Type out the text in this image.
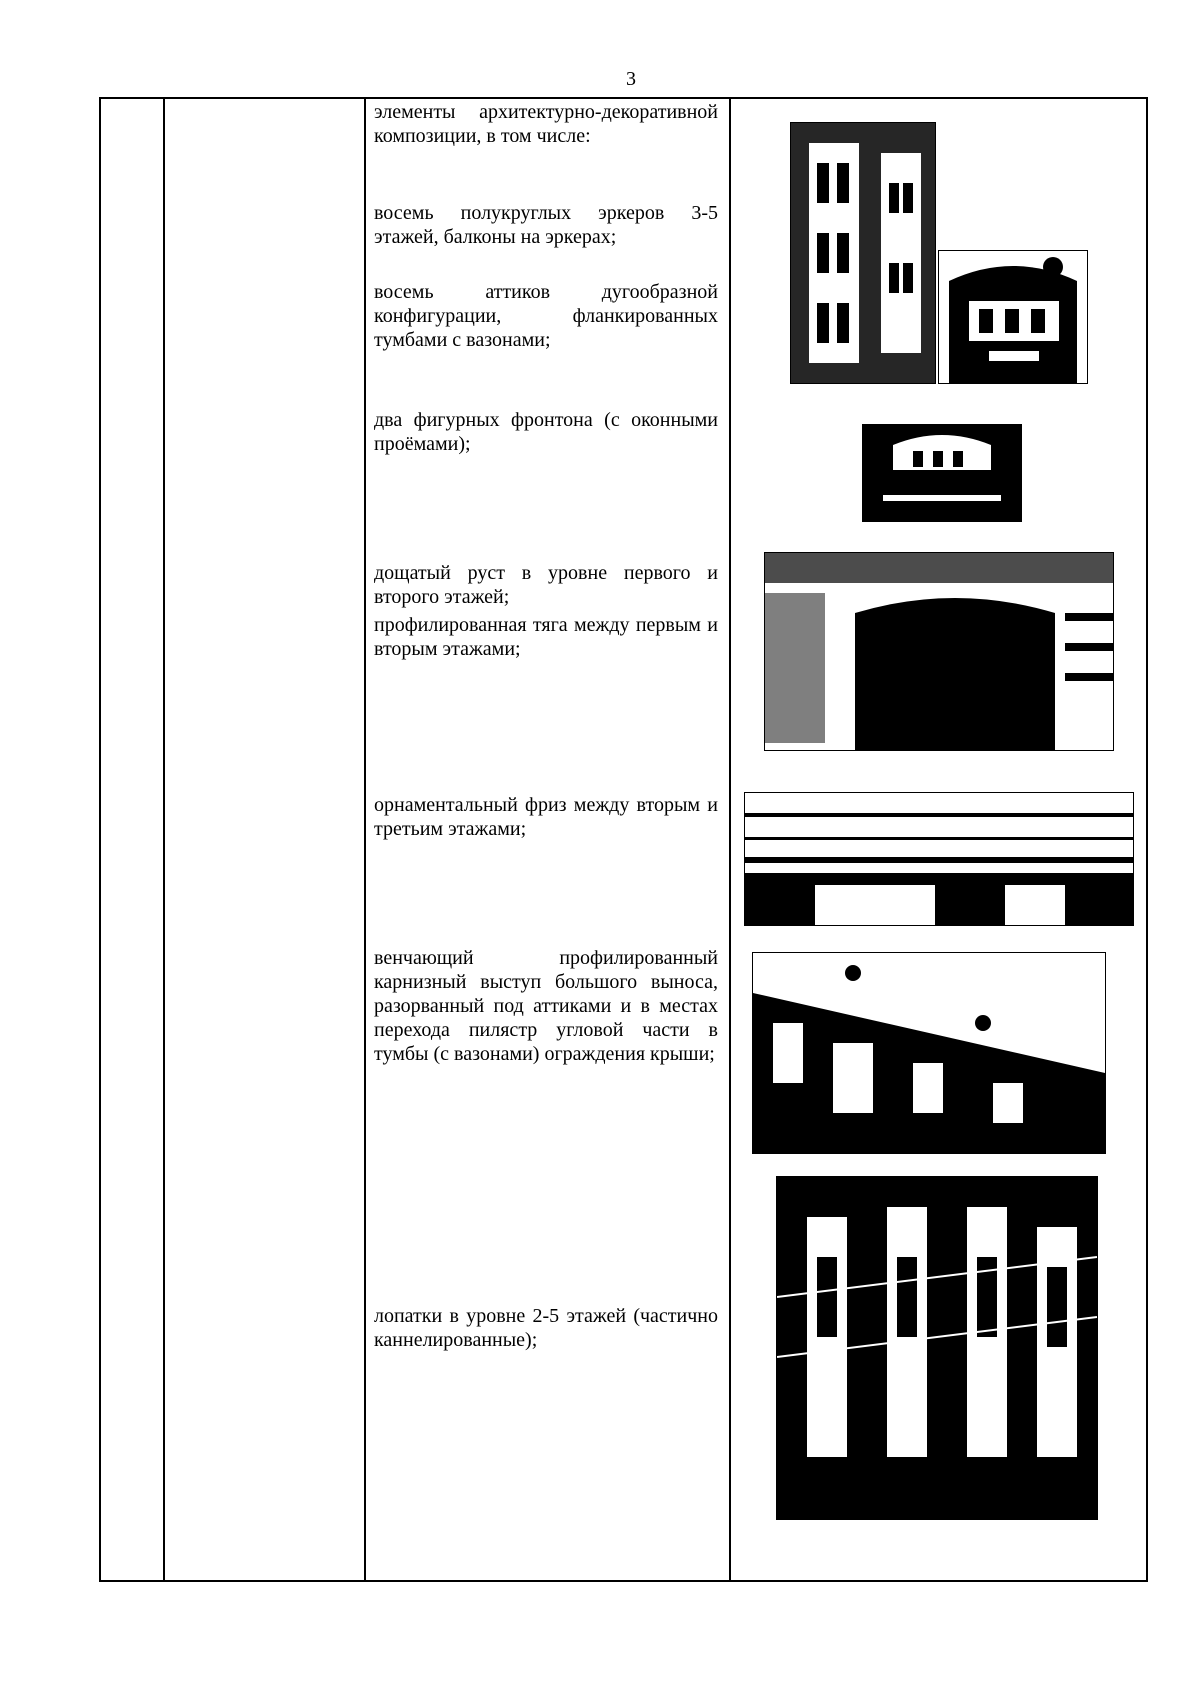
3
элементы архитектурно-декоративной композиции, в том числе:
восемь полукруглых эркеров 3-5 этажей, балконы на эркерах;
восемь аттиков дугообразной конфигурации, фланкированных тумбами с вазонами;
два фигурных фронтона (с оконными проёмами);
дощатый руст в уровне первого и второго этажей;
профилированная тяга между первым и вторым этажами;
орнаментальный фриз между вторым и третьим этажами;
венчающий профилированный карнизный выступ большого выноса, разорванный под аттиками и в местах перехода пилястр угловой части в тумбы (с вазонами) ограждения крыши;
лопатки в уровне 2-5 этажей (частично каннелированные);
